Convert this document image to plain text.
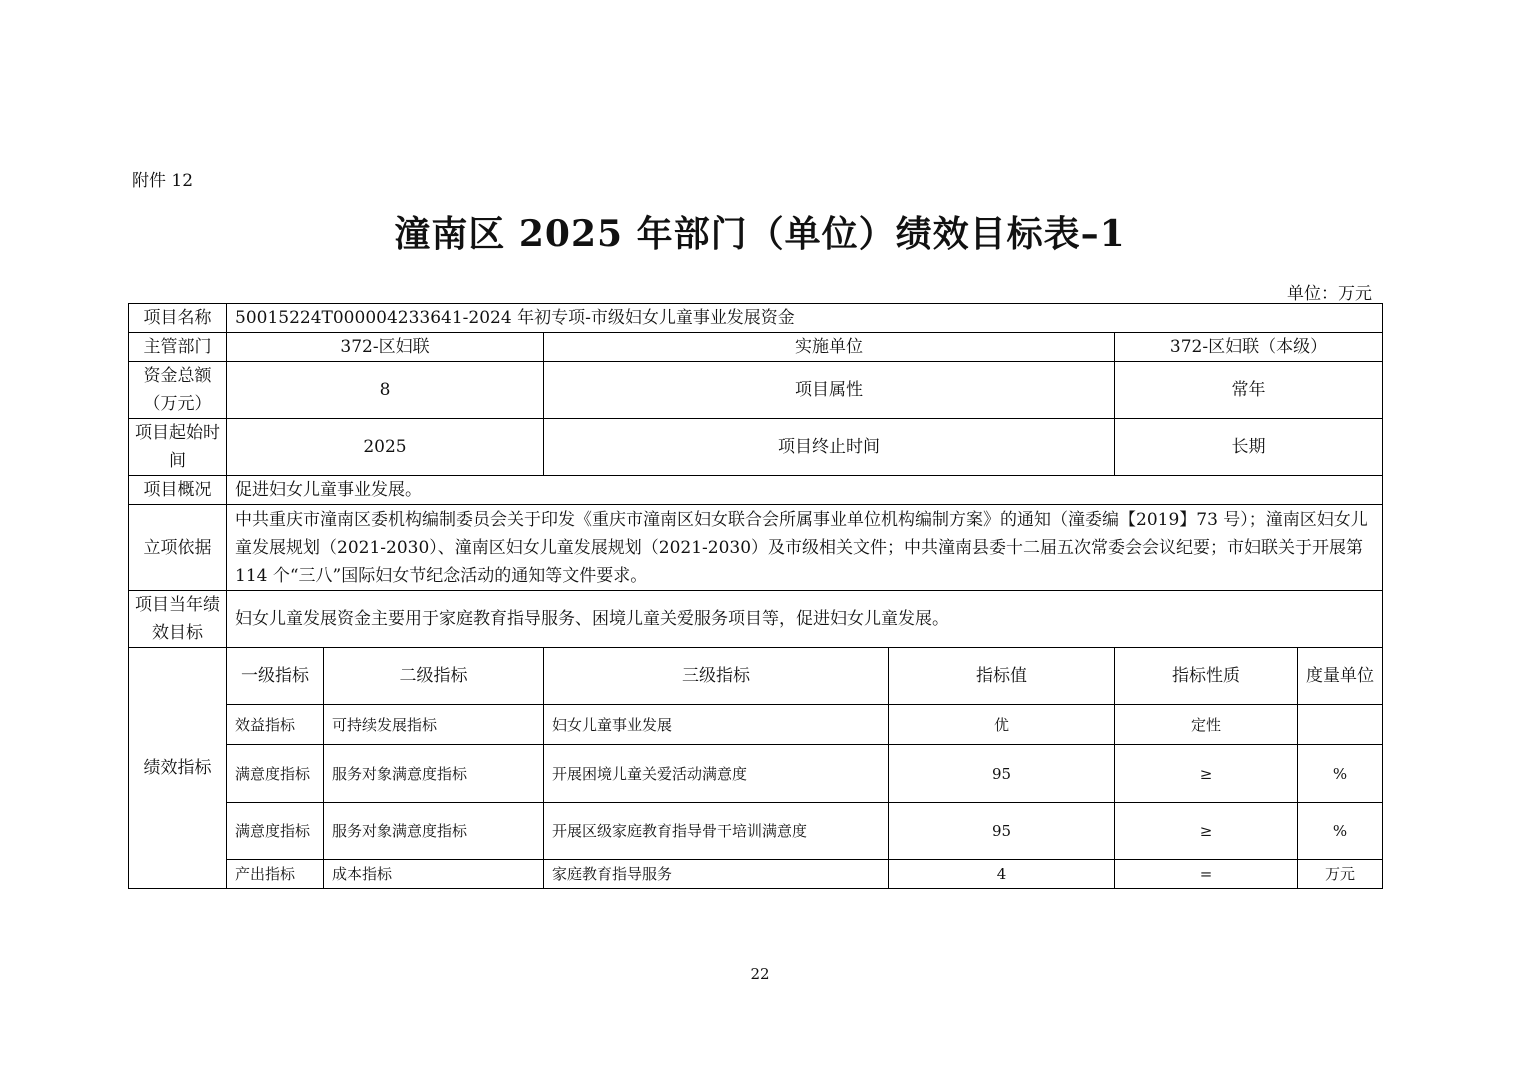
附件 12
潼南区 2025 年部门（单位）绩效目标表–1
单位：万元
项目名称	50015224T000004233641-2024 年初专项-市级妇女儿童事业发展资金					
主管部门	372-区妇联		实施单位		372-区妇联（本级）	
资金总额（万元）	8		项目属性		常年	
项目起始时间	2025		项目终止时间		长期	
项目概况	促进妇女儿童事业发展。					
立项依据	中共重庆市潼南区委机构编制委员会关于印发《重庆市潼南区妇女联合会所属事业单位机构编制方案》的通知（潼委编【2019】73 号）；潼南区妇女儿童发展规划（2021-2030）、潼南区妇女儿童发展规划（2021-2030）及市级相关文件；中共潼南县委十二届五次常委会会议纪要；市妇联关于开展第 114 个“三八”国际妇女节纪念活动的通知等文件要求。					
项目当年绩效目标	妇女儿童发展资金主要用于家庭教育指导服务、困境儿童关爱服务项目等，促进妇女儿童发展。					
绩效指标	一级指标	二级指标	三级指标	指标值	指标性质	度量单位
	效益指标	可持续发展指标	妇女儿童事业发展	优	定性	
	满意度指标	服务对象满意度指标	开展困境儿童关爱活动满意度	95	≥	%
	满意度指标	服务对象满意度指标	开展区级家庭教育指导骨干培训满意度	95	≥	%
	产出指标	成本指标	家庭教育指导服务	4	=	万元
22
